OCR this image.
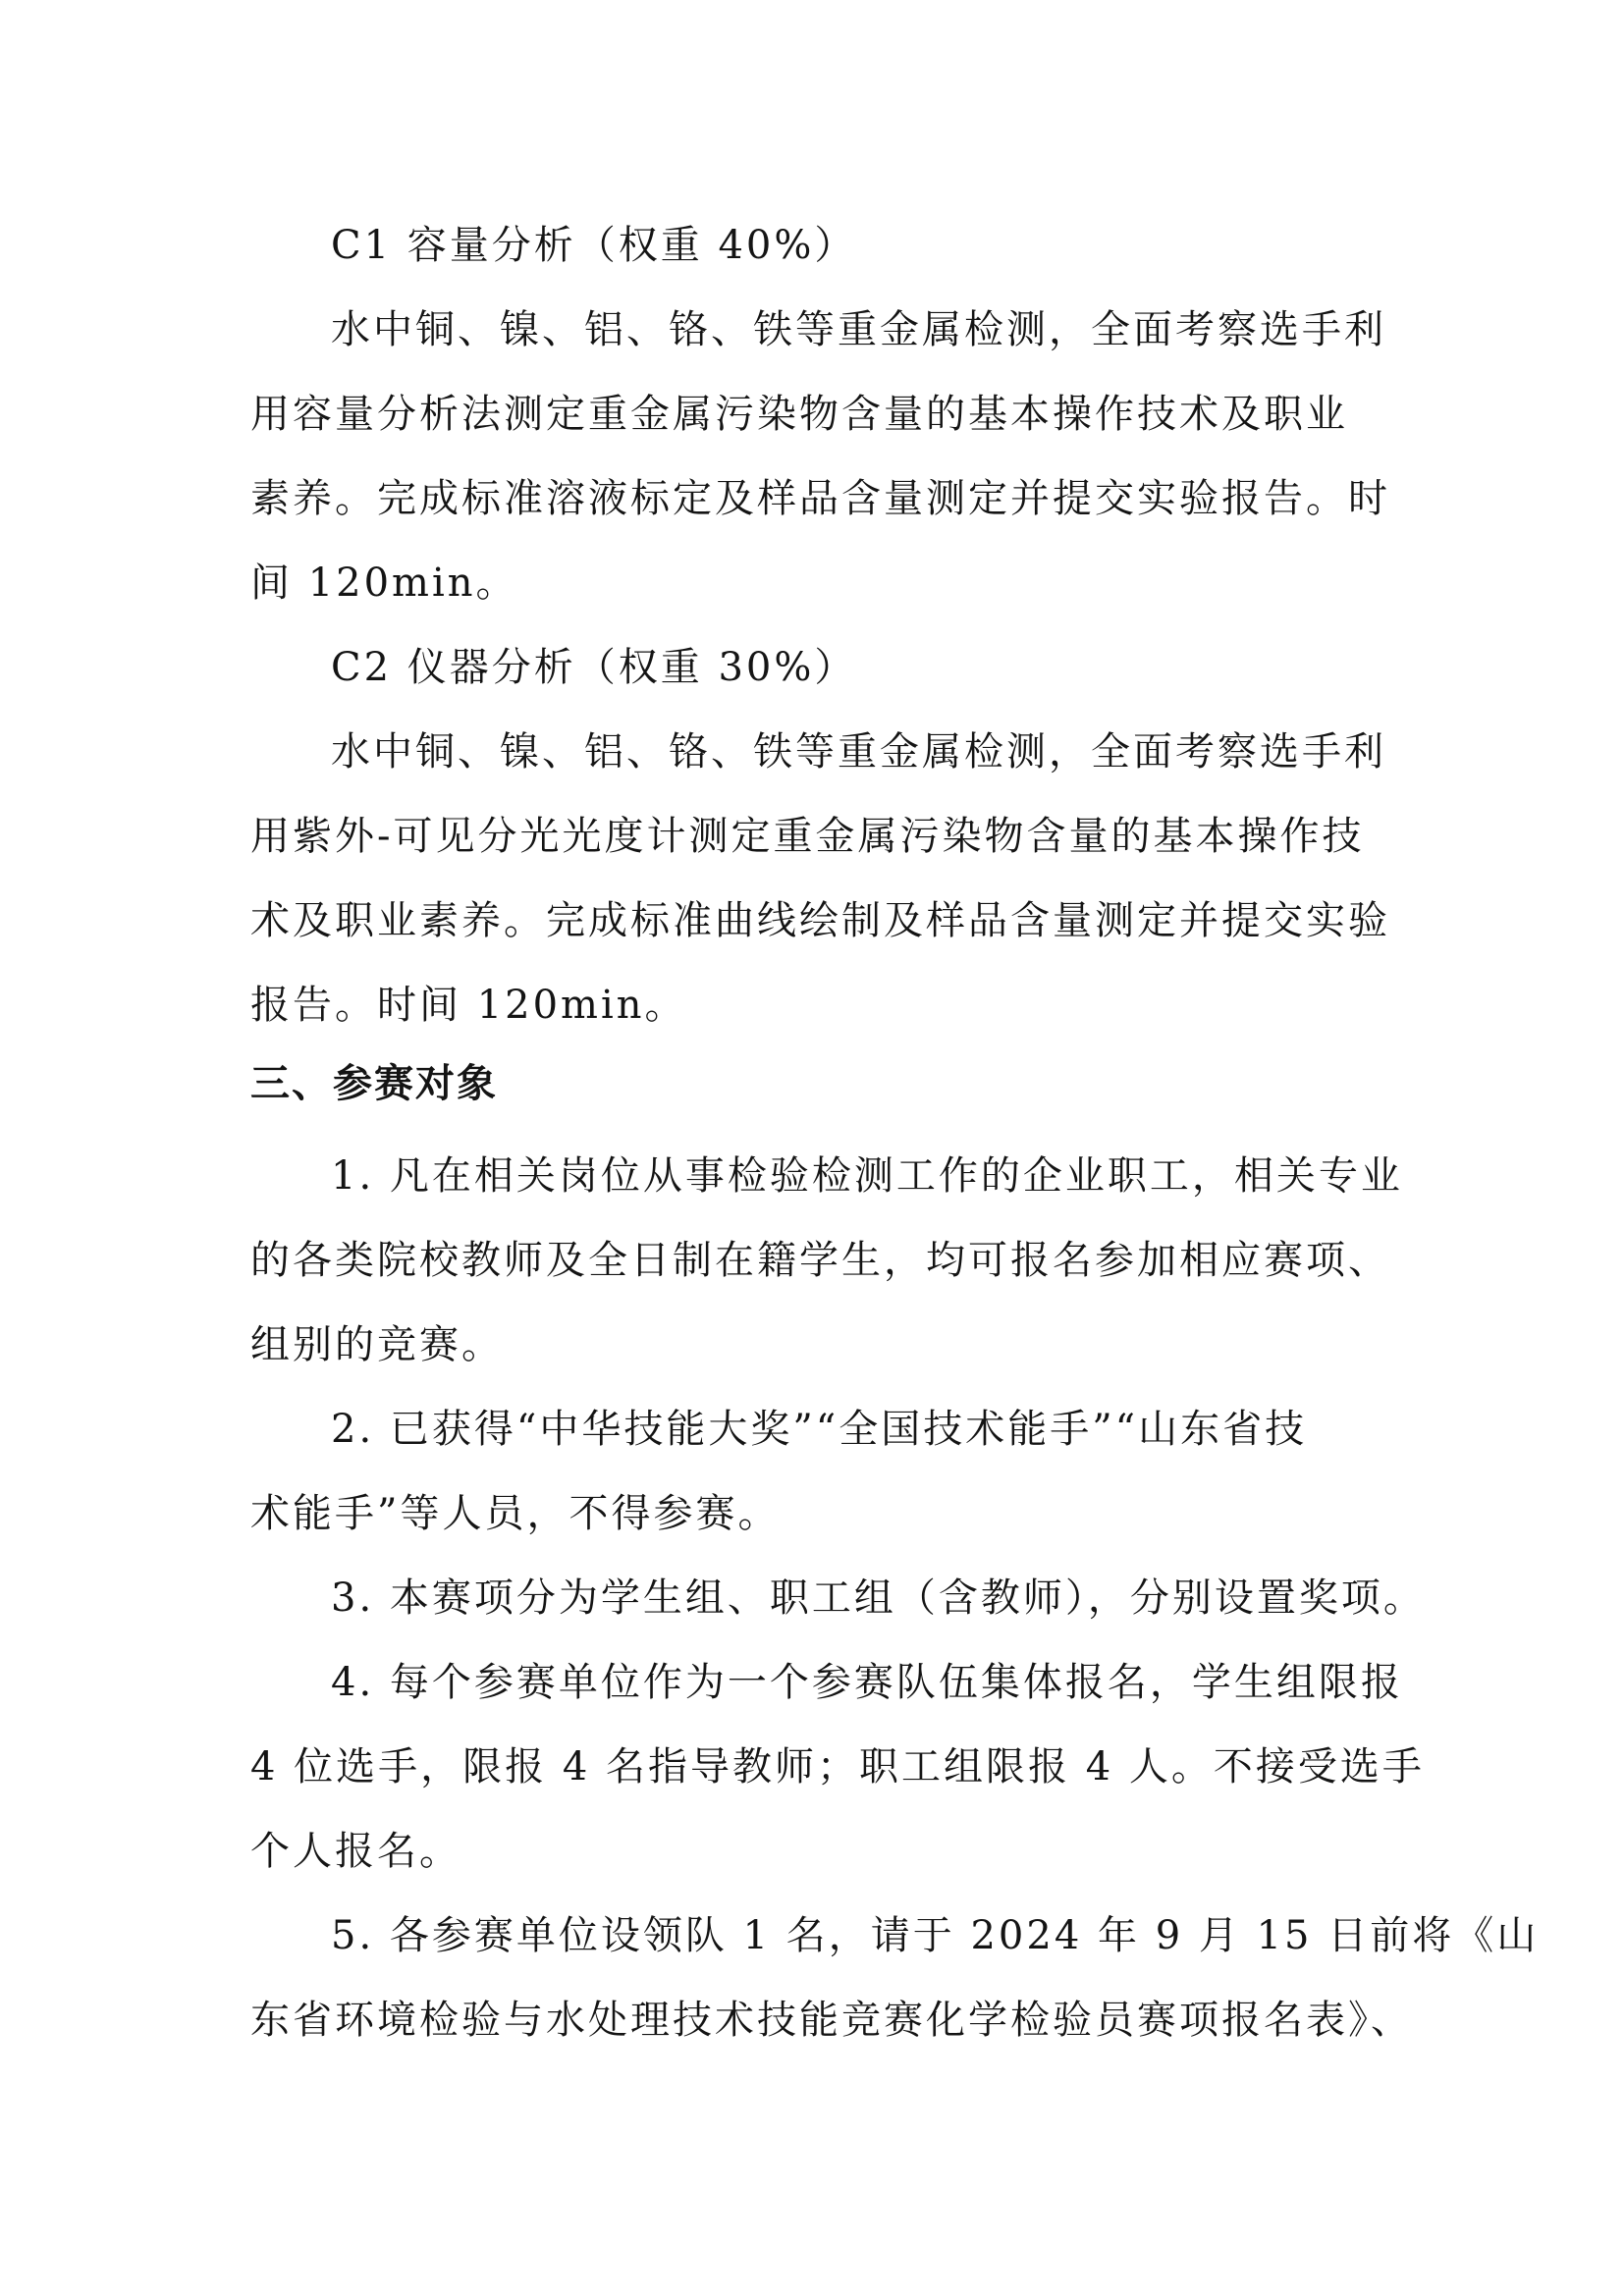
C1 容量分析（权重 40%）
水中铜、镍、铝、铬、铁等重金属检测，全面考察选手利
用容量分析法测定重金属污染物含量的基本操作技术及职业
素养。完成标准溶液标定及样品含量测定并提交实验报告。时
间 120min。
C2 仪器分析（权重 30%）
水中铜、镍、铝、铬、铁等重金属检测，全面考察选手利
用紫外-可见分光光度计测定重金属污染物含量的基本操作技
术及职业素养。完成标准曲线绘制及样品含量测定并提交实验
报告。时间 120min。
三、参赛对象
1. 凡在相关岗位从事检验检测工作的企业职工，相关专业
的各类院校教师及全日制在籍学生，均可报名参加相应赛项、
组别的竞赛。
2. 已获得“中华技能大奖”“全国技术能手”“山东省技
术能手”等人员，不得参赛。
3. 本赛项分为学生组、职工组（含教师），分别设置奖项。
4. 每个参赛单位作为一个参赛队伍集体报名，学生组限报
4 位选手，限报 4 名指导教师；职工组限报 4 人。不接受选手
个人报名。
5. 各参赛单位设领队 1 名，请于 2024 年 9 月 15 日前将《山
东省环境检验与水处理技术技能竞赛化学检验员赛项报名表》、
